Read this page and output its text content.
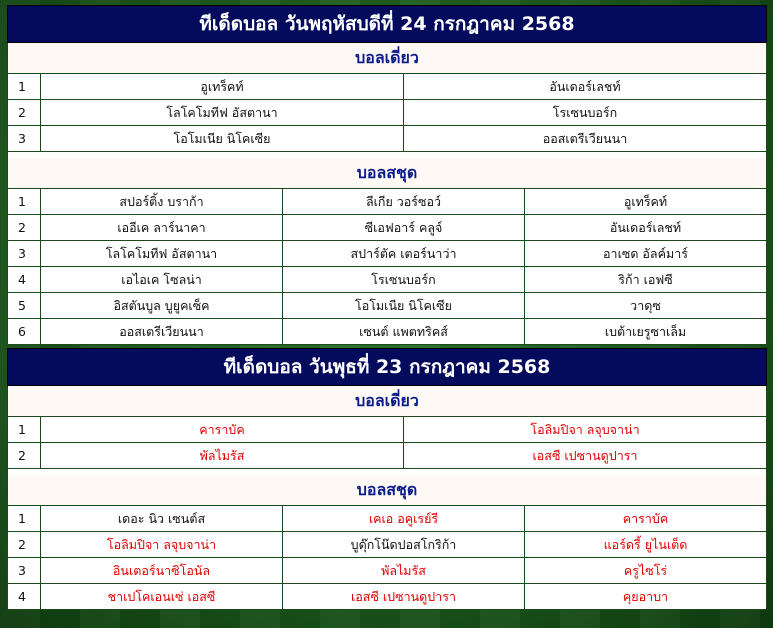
ทีเด็ดบอล วันพฤหัสบดีที่ 24 กรกฎาคม 2568
บอลเดี่ยว
1	อูเทร็คท์	อันเดอร์เลชท์
2	โลโคโมทีฟ อัสตานา	โรเซนบอร์ก
3	โอโมเนีย นิโคเซีย	ออสเตรีเวียนนา
บอลสชุด
1	สปอร์ติ้ง บราก้า	ลีเกีย วอร์ซอว์	อูเทร็คท์
2	เออีเค ลาร์นาคา	ซีเอฟอาร์ คลูจ์	อันเดอร์เลชท์
3	โลโคโมทีฟ อัสตานา	สปาร์ตัค เตอร์นาว่า	อาเซด อัลค์มาร์
4	เอไอเค โซลน่า	โรเซนบอร์ก	ริก้า เอฟซี
5	อิสตันบูล บูยูคเซ็ค	โอโมเนีย นิโคเซีย	วาดุซ
6	ออสเตรีเวียนนา	เซนต์ แพตทริคส์	เบต้าเยรูซาเล็ม
ทีเด็ดบอล วันพุธที่ 23 กรกฎาคม 2568
บอลเดี่ยว
1	คาราบัค	โอลิมปิจา ลจุบจาน่า
2	พัลไมรัส	เอสซี เปซานดูปารา
บอลสชุด
1	เดอะ นิว เซนต์ส	เคเอ อคูเรย์รี	คาราบัค
2	โอลิมปิจา ลจุบจาน่า	บูดุ๊กโน๊ดปอสโกริก้า	แอร์ดรี้ ยูไนเต็ด
3	อินเตอร์นาซิโอนัล	พัลไมรัส	ครูไซโร่
4	ชาเปโคเอนเซ่ เอสซี	เอสซี เปซานดูปารา	คุยอาบา
